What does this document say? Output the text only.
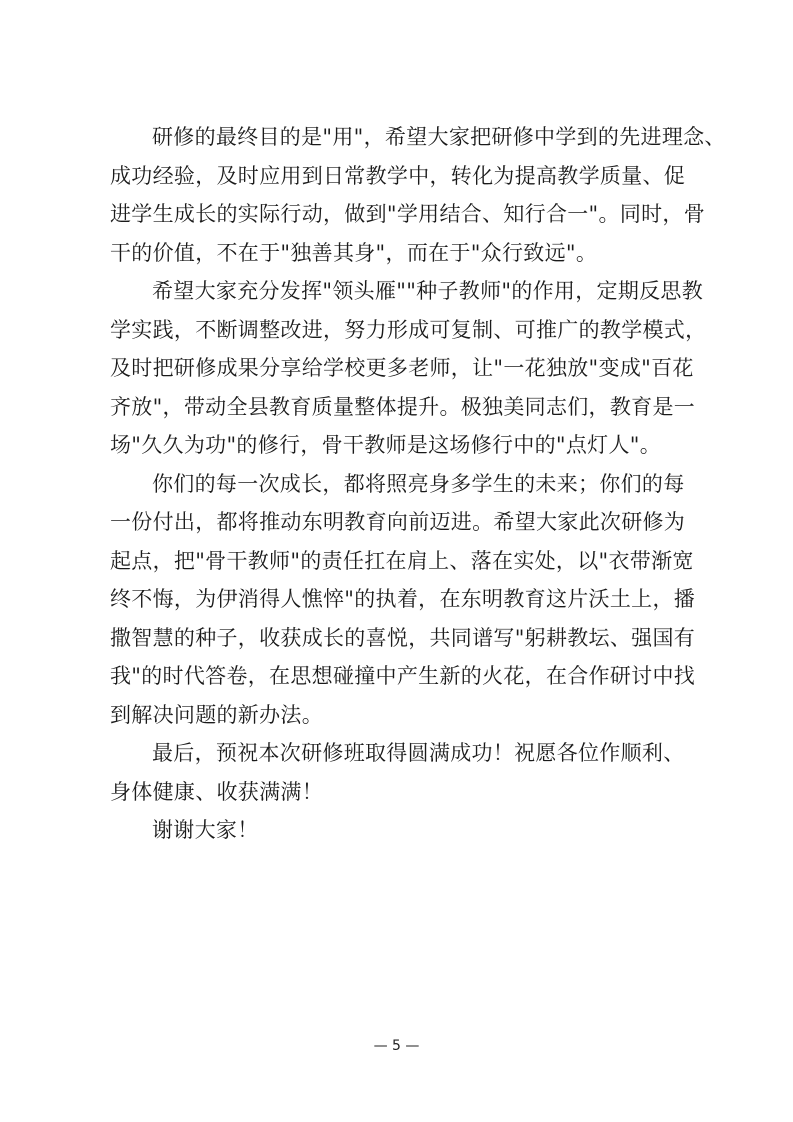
研修的最终目的是"用"，希望大家把研修中学到的先进理念、
成功经验，及时应用到日常教学中，转化为提高教学质量、促
进学生成长的实际行动，做到"学用结合、知行合一"。同时，骨
干的价值，不在于"独善其身"，而在于"众行致远"。
希望大家充分发挥"领头雁""种子教师"的作用，定期反思教
学实践，不断调整改进，努力形成可复制、可推广的教学模式，
及时把研修成果分享给学校更多老师，让"一花独放"变成"百花
齐放"，带动全县教育质量整体提升。极独美同志们，教育是一
场"久久为功"的修行，骨干教师是这场修行中的"点灯人"。
你们的每一次成长，都将照亮身多学生的未来；你们的每
一份付出，都将推动东明教育向前迈进。希望大家此次研修为
起点，把"骨干教师"的责任扛在肩上、落在实处，以"衣带渐宽
终不悔，为伊消得人憔悴"的执着，在东明教育这片沃土上，播
撒智慧的种子，收获成长的喜悦，共同谱写"躬耕教坛、强国有
我"的时代答卷，在思想碰撞中产生新的火花，在合作研讨中找
到解决问题的新办法。
最后，预祝本次研修班取得圆满成功！祝愿各位作顺利、
身体健康、收获满满！
谢谢大家！
— 5 —
